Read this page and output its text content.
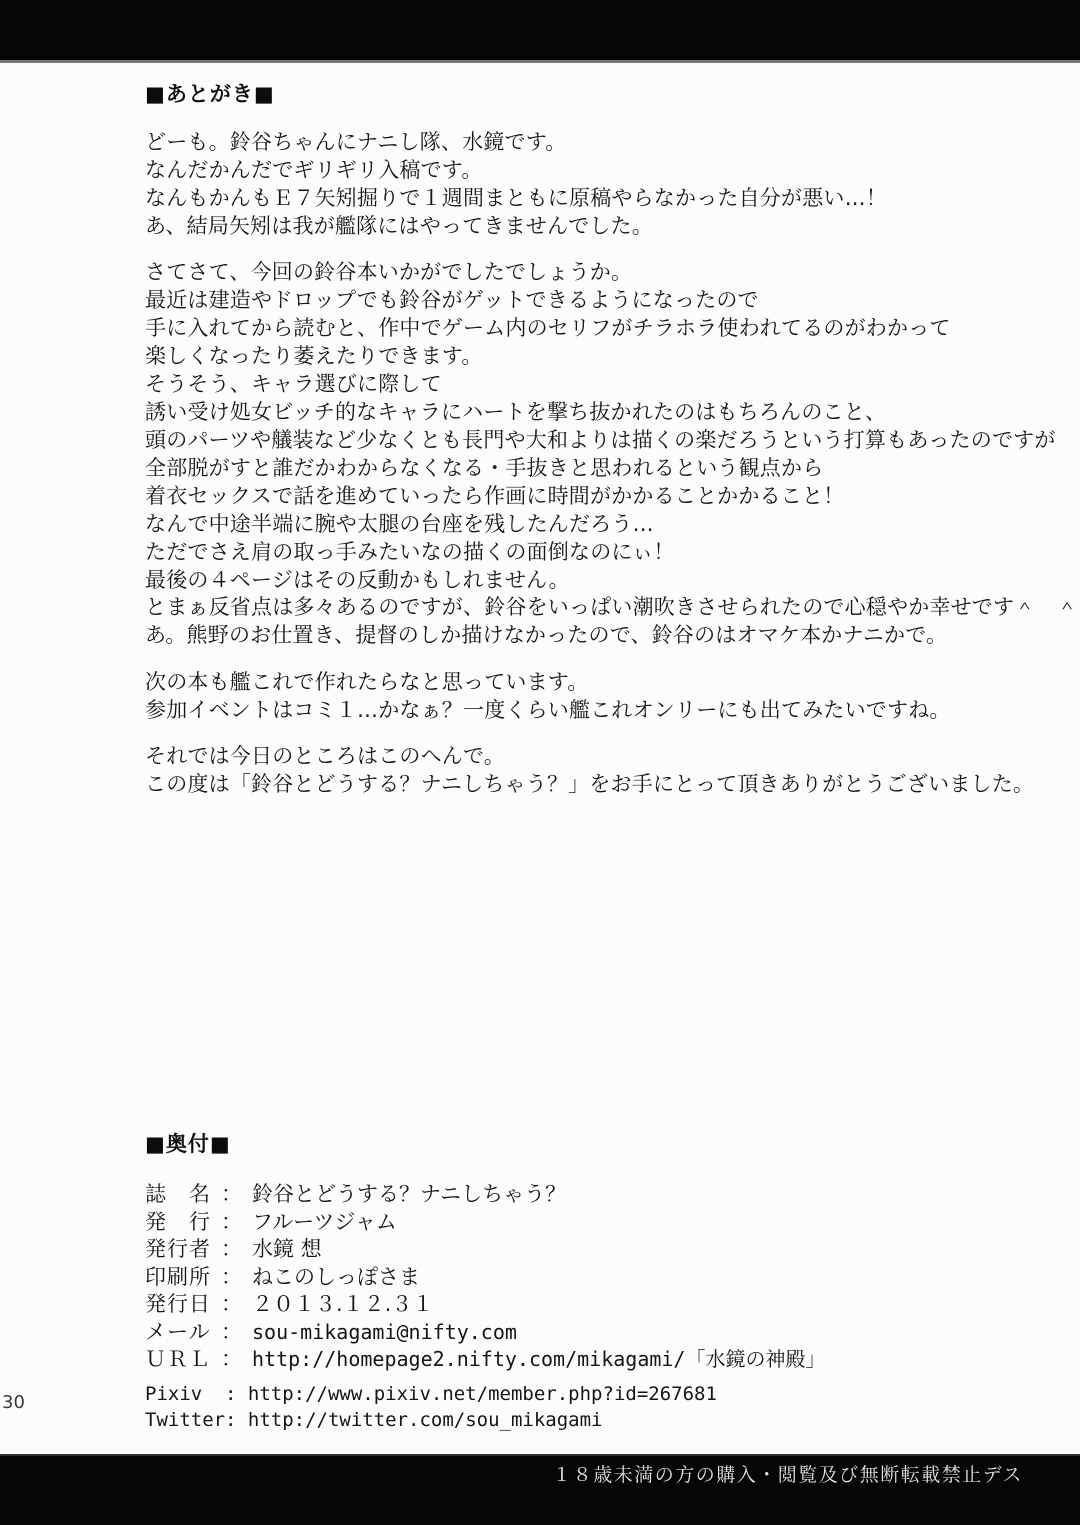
■あとがき■
どーも。鈴谷ちゃんにナニし隊、水鏡です。
なんだかんだでギリギリ入稿です。
なんもかんもＥ７矢矧掘りで１週間まともに原稿やらなかった自分が悪い…！
あ、結局矢矧は我が艦隊にはやってきませんでした。
さてさて、今回の鈴谷本いかがでしたでしょうか。
最近は建造やドロップでも鈴谷がゲットできるようになったので
手に入れてから読むと、作中でゲーム内のセリフがチラホラ使われてるのがわかって
楽しくなったり萎えたりできます。
そうそう、キャラ選びに際して
誘い受け処女ビッチ的なキャラにハートを撃ち抜かれたのはもちろんのこと、
頭のパーツや艤装など少なくとも長門や大和よりは描くの楽だろうという打算もあったのですが
全部脱がすと誰だかわからなくなる・手抜きと思われるという観点から
着衣セックスで話を進めていったら作画に時間がかかることかかること！
なんで中途半端に腕や太腿の台座を残したんだろう…
ただでさえ肩の取っ手みたいなの描くの面倒なのにぃ！
最後の４ページはその反動かもしれません。
とまぁ反省点は多々あるのですが、鈴谷をいっぱい潮吹きさせられたので心穏やか幸せです＾　＾
あ。熊野のお仕置き、提督のしか描けなかったので、鈴谷のはオマケ本かナニかで。
次の本も艦これで作れたらなと思っています。
参加イベントはコミ１…かなぁ？一度くらい艦これオンリーにも出てみたいですね。
それでは今日のところはこのへんで。
この度は「鈴谷とどうする？ナニしちゃう？」をお手にとって頂きありがとうございました。
■奥付■
誌　名 ： 鈴谷とどうする？ナニしちゃう？
発　行 ： フルーツジャム
発行者 ： 水鏡 想
印刷所 ： ねこのしっぽさま
発行日 ： ２０１３.１２.３１
メール ： sou-mikagami@nifty.com
ＵＲＬ ： http://homepage2.nifty.com/mikagami/「水鏡の神殿」
Pixiv : http://www.pixiv.net/member.php?id=267681
Twitter: http://twitter.com/sou_mikagami
30
１８歳未満の方の購入・閲覧及び無断転載禁止デス
